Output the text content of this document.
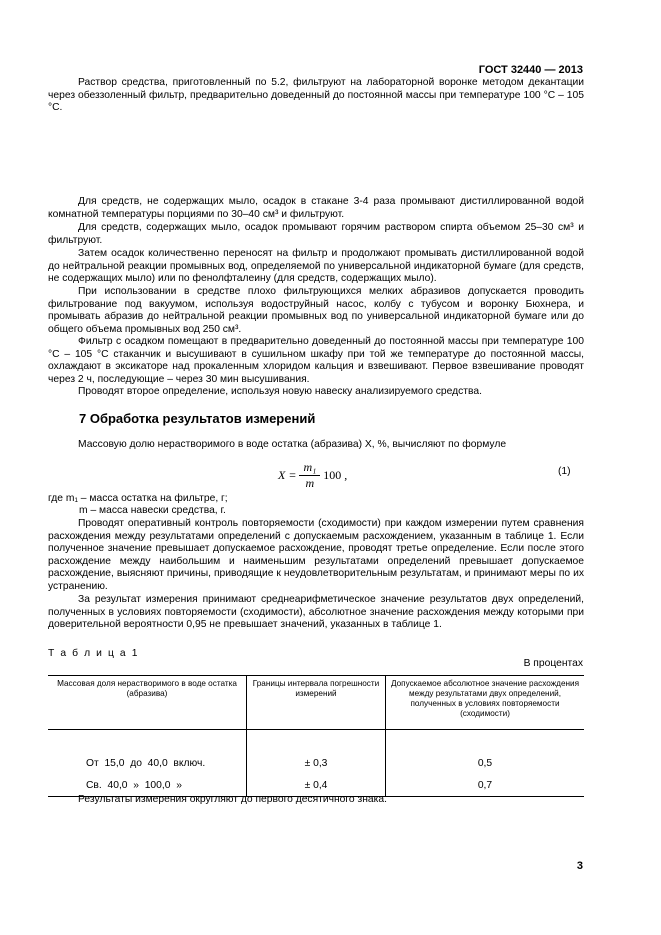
ГОСТ 32440 — 2013

Раствор средства, приготовленный по 5.2, фильтруют на лабораторной воронке методом декантации через обеззоленный фильтр, предварительно доведенный до постоянной массы при температуре 100 °С – 105 °С.

Для средств, не содержащих мыло, осадок в стакане 3-4 раза промывают дистиллированной водой комнатной температуры порциями по 30–40 см³ и фильтруют.

Для средств, содержащих мыло, осадок промывают горячим раствором спирта объемом 25–30 см³ и фильтруют.

Затем осадок количественно переносят на фильтр и продолжают промывать дистиллированной водой до нейтральной реакции промывных вод, определяемой по универсальной индикаторной бумаге (для средств, не содержащих мыло) или по фенолфталеину (для средств, содержащих мыло).

При использовании в средстве плохо фильтрующихся мелких абразивов допускается проводить фильтрование под вакуумом, используя водоструйный насос, колбу с тубусом и воронку Бюхнера, и промывать абразив до нейтральной реакции промывных вод по универсальной индикаторной бумаге или до общего объема промывных вод 250 см³.

Фильтр с осадком помещают в предварительно доведенный до постоянной массы при температуре 100 °С – 105 °С стаканчик и высушивают в сушильном шкафу при той же температуре до постоянной массы, охлаждают в эксикаторе над прокаленным хлоридом кальция и взвешивают. Первое взвешивание проводят через 2 ч, последующие – через 30 мин высушивания.

Проводят второе определение, используя новую навеску анализируемого средства.

7 Обработка результатов измерений

Массовую долю нерастворимого в воде остатка (абразива) X, %, вычисляют по формуле

$X = \frac{\text{m₁}}{m} 100$ ,	(1)
где m₁ – масса остатка на фильтре, г;
m – масса навески средства, г.

Проводят оперативный контроль повторяемости (сходимости) при каждом измерении путем сравнения расхождения между результатами определений с допускаемым расхождением, указанным в таблице 1. Если полученное значение превышает допускаемое расхождение, проводят третье определение. Если после этого расхождение между наибольшим и наименьшим результатами определений превышает допускаемое расхождение, выясняют причины, приводящие к неудовлетворительным результатам, и принимают меры по их устранению.

За результат измерения принимают среднеарифметическое значение результатов двух определений, полученных в условиях повторяемости (сходимости), абсолютное значение расхождения между которыми при доверительной вероятности 0,95 не превышает значений, указанных в таблице 1.

Т а б л и ц а 1
В процентах
Массовая доля нерастворимого в воде остатка (абразива)	Границы интервала погрешности измерений	Допускаемое абсолютное значение расхождения между результатами двух определений, полученных в условиях повторяемости (сходимости)

От  15,0  до  40,0  включ.	± 0,3	0,5
Св.  40,0  »  100,0  »	± 0,4	0,7

Результаты измерения округляют до первого десятичного знака.

3
